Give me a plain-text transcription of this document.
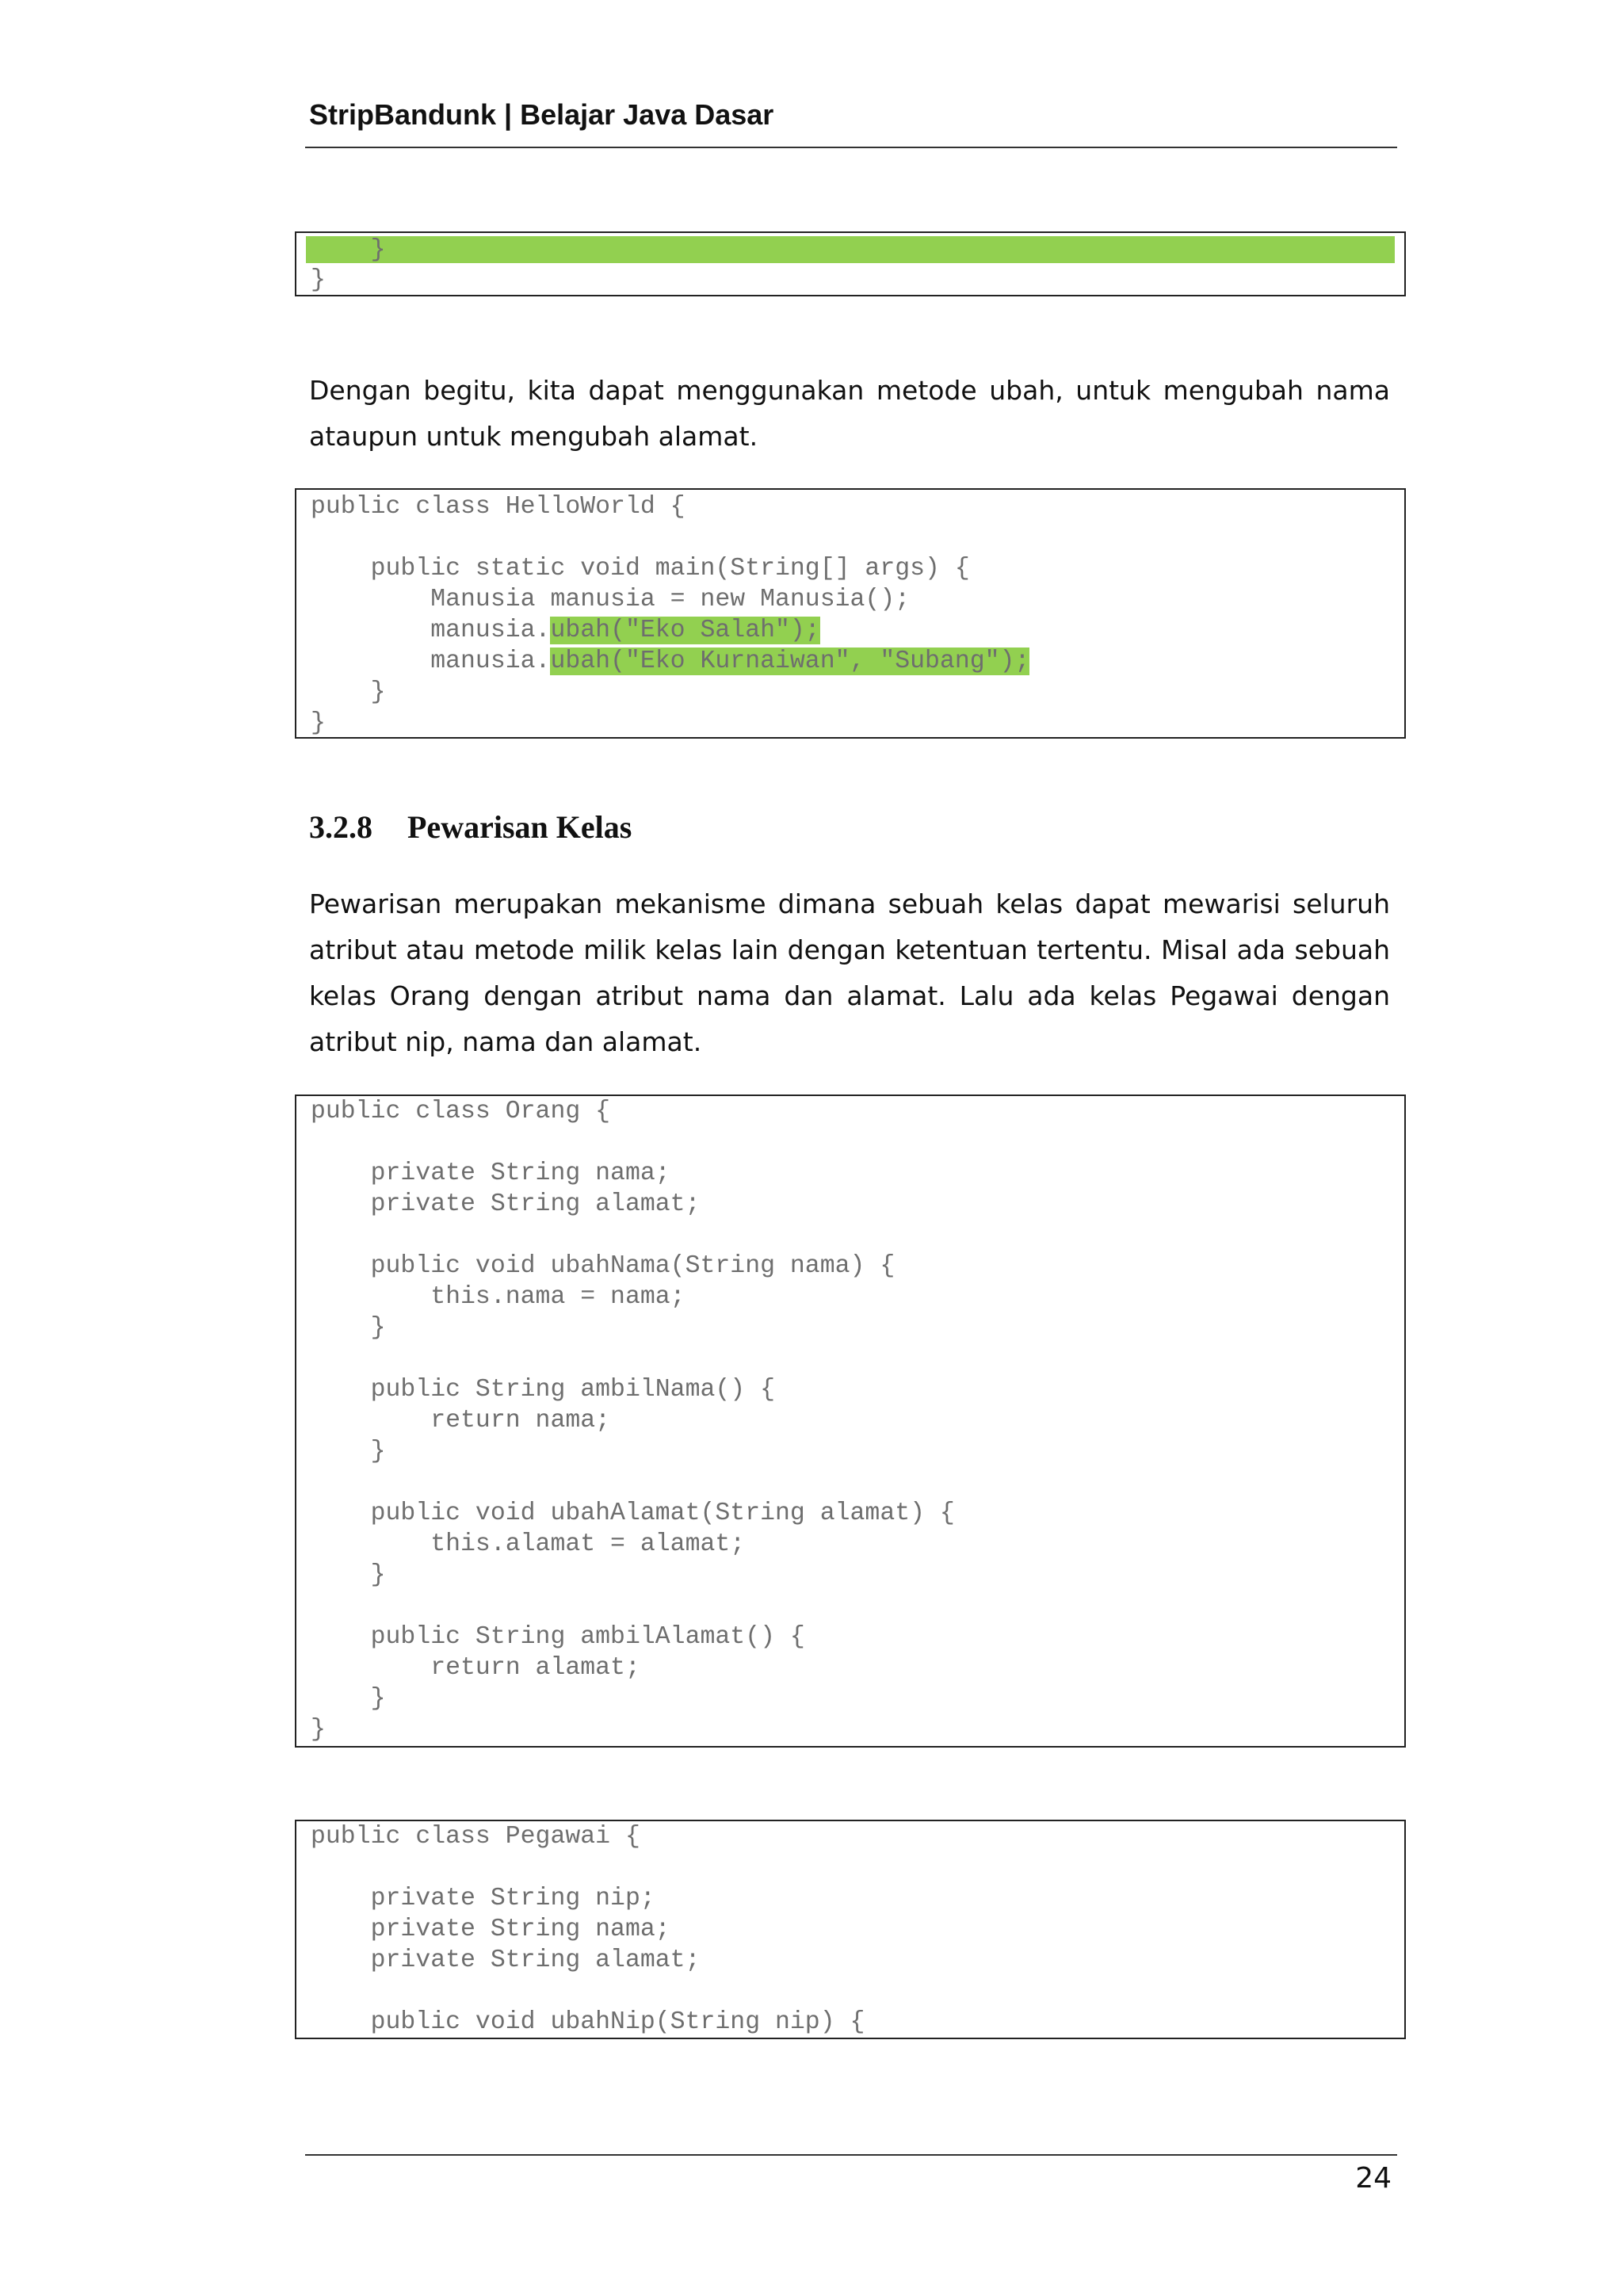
StripBandunk | Belajar Java Dasar
}
}
Dengan begitu, kita dapat menggunakan metode ubah, untuk mengubah nama ataupun untuk mengubah alamat.
public class HelloWorld {

public static void main(String[] args) {
Manusia manusia = new Manusia();
manusia.ubah("Eko Salah");
manusia.ubah("Eko Kurnaiwan", "Subang");
}
}
3.2.8 Pewarisan Kelas
Pewarisan merupakan mekanisme dimana sebuah kelas dapat mewarisi seluruh atribut atau metode milik kelas lain dengan ketentuan tertentu. Misal ada sebuah kelas Orang dengan atribut nama dan alamat. Lalu ada kelas Pegawai dengan atribut nip, nama dan alamat.
public class Orang {

private String nama;
private String alamat;

public void ubahNama(String nama) {
this.nama = nama;
}

public String ambilNama() {
return nama;
}

public void ubahAlamat(String alamat) {
this.alamat = alamat;
}

public String ambilAlamat() {
return alamat;
}
}
public class Pegawai {

private String nip;
private String nama;
private String alamat;

public void ubahNip(String nip) {
24
